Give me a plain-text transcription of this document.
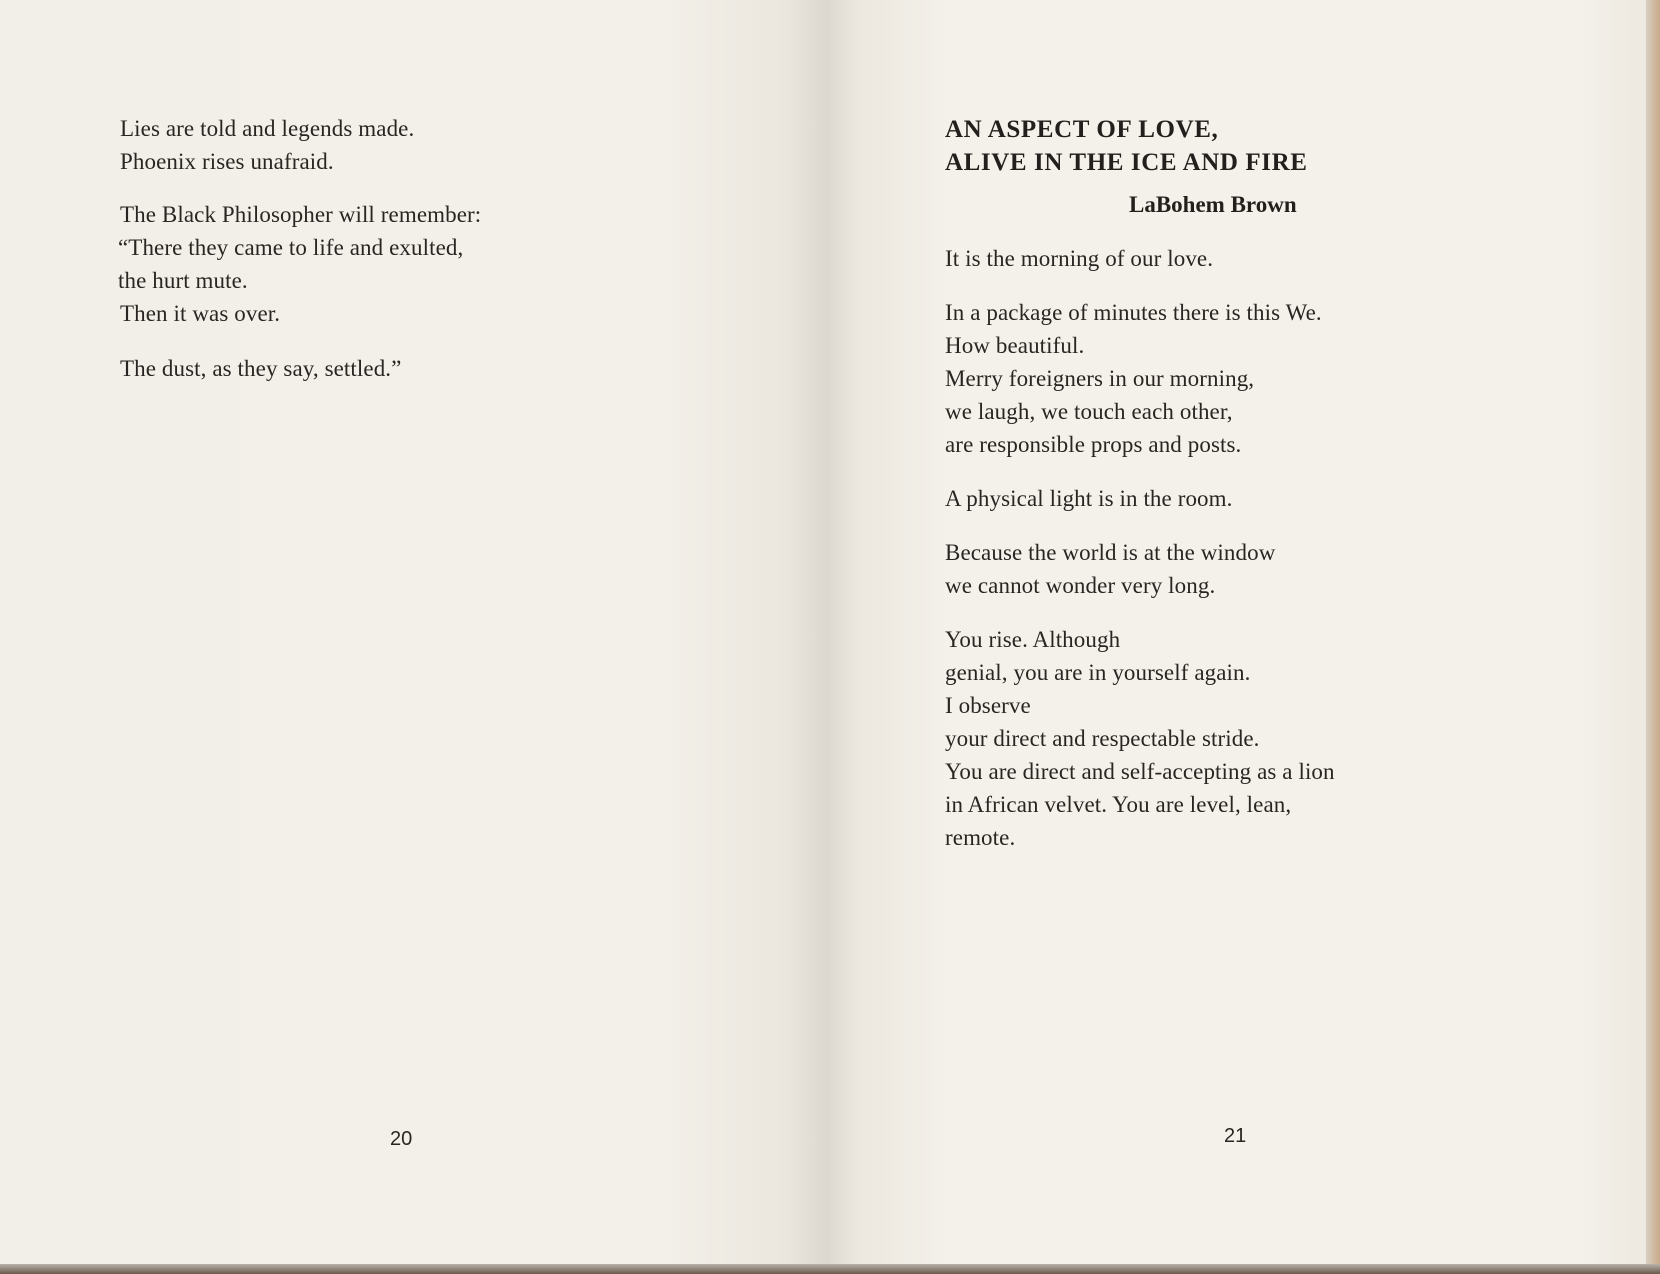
Lies are told and legends made.
Phoenix rises unafraid.
The Black Philosopher will remember:
“There they came to life and exulted,
the hurt mute.
Then it was over.
The dust, as they say, settled.”
20
AN ASPECT OF LOVE,
ALIVE IN THE ICE AND FIRE
LaBohem Brown
It is the morning of our love.
In a package of minutes there is this We.
How beautiful.
Merry foreigners in our morning,
we laugh, we touch each other,
are responsible props and posts.
A physical light is in the room.
Because the world is at the window
we cannot wonder very long.
You rise. Although
genial, you are in yourself again.
I observe
your direct and respectable stride.
You are direct and self-accepting as a lion
in African velvet. You are level, lean,
remote.
21
